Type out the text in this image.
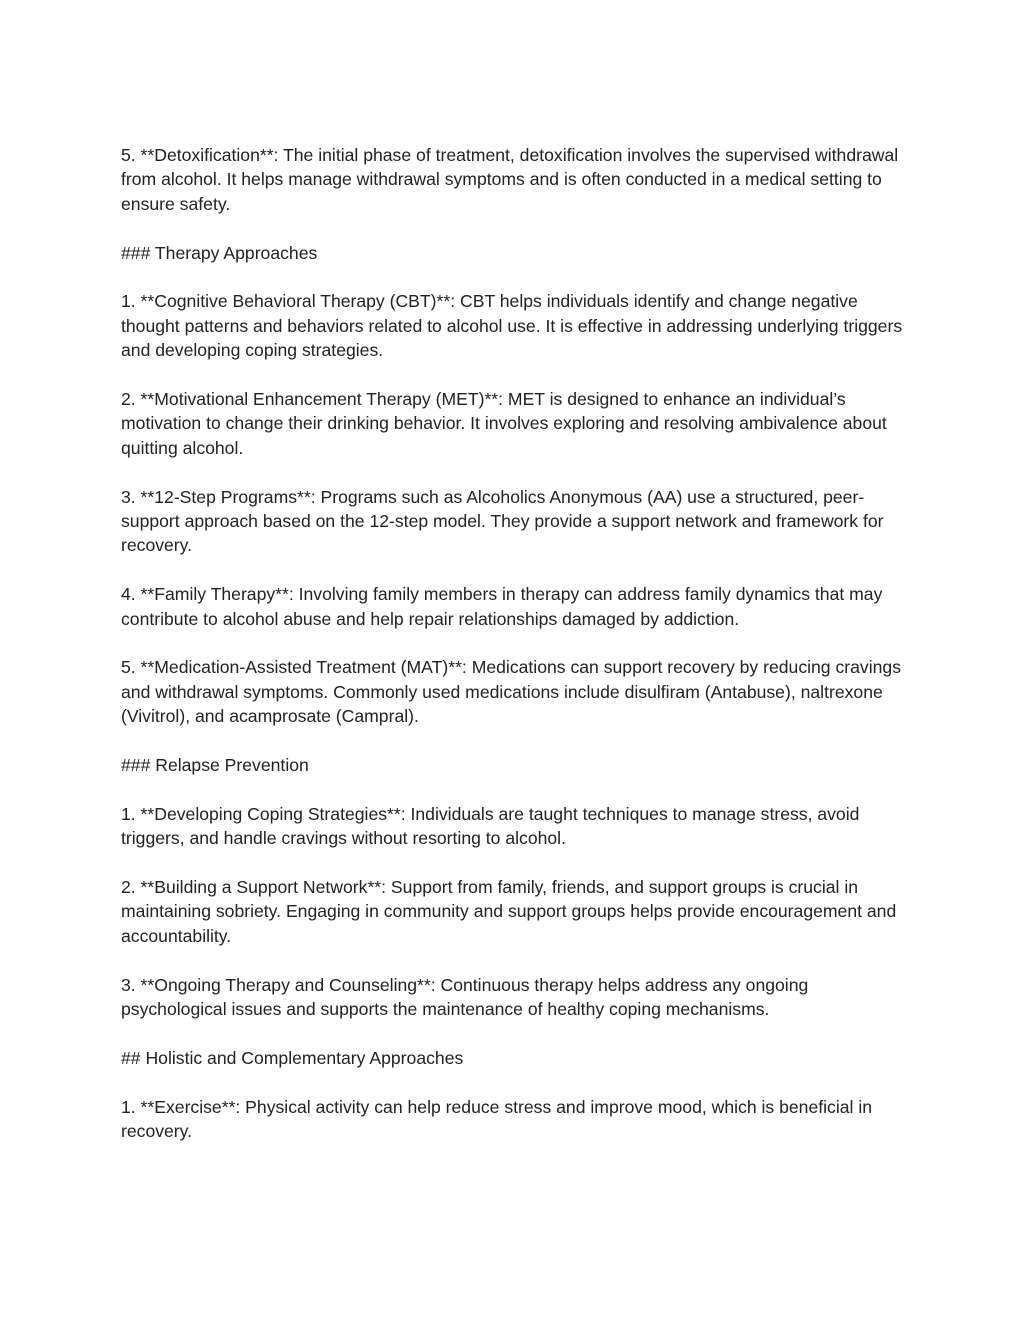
5. **Detoxification**: The initial phase of treatment, detoxification involves the supervised withdrawal from alcohol. It helps manage withdrawal symptoms and is often conducted in a medical setting to ensure safety.

### Therapy Approaches

1. **Cognitive Behavioral Therapy (CBT)**: CBT helps individuals identify and change negative thought patterns and behaviors related to alcohol use. It is effective in addressing underlying triggers and developing coping strategies.

2. **Motivational Enhancement Therapy (MET)**: MET is designed to enhance an individual’s motivation to change their drinking behavior. It involves exploring and resolving ambivalence about quitting alcohol.

3. **12-Step Programs**: Programs such as Alcoholics Anonymous (AA) use a structured, peer-support approach based on the 12-step model. They provide a support network and framework for recovery.

4. **Family Therapy**: Involving family members in therapy can address family dynamics that may contribute to alcohol abuse and help repair relationships damaged by addiction.

5. **Medication-Assisted Treatment (MAT)**: Medications can support recovery by reducing cravings and withdrawal symptoms. Commonly used medications include disulfiram (Antabuse), naltrexone (Vivitrol), and acamprosate (Campral).

### Relapse Prevention

1. **Developing Coping Strategies**: Individuals are taught techniques to manage stress, avoid triggers, and handle cravings without resorting to alcohol.

2. **Building a Support Network**: Support from family, friends, and support groups is crucial in maintaining sobriety. Engaging in community and support groups helps provide encouragement and accountability.

3. **Ongoing Therapy and Counseling**: Continuous therapy helps address any ongoing psychological issues and supports the maintenance of healthy coping mechanisms.

## Holistic and Complementary Approaches

1. **Exercise**: Physical activity can help reduce stress and improve mood, which is beneficial in recovery.
